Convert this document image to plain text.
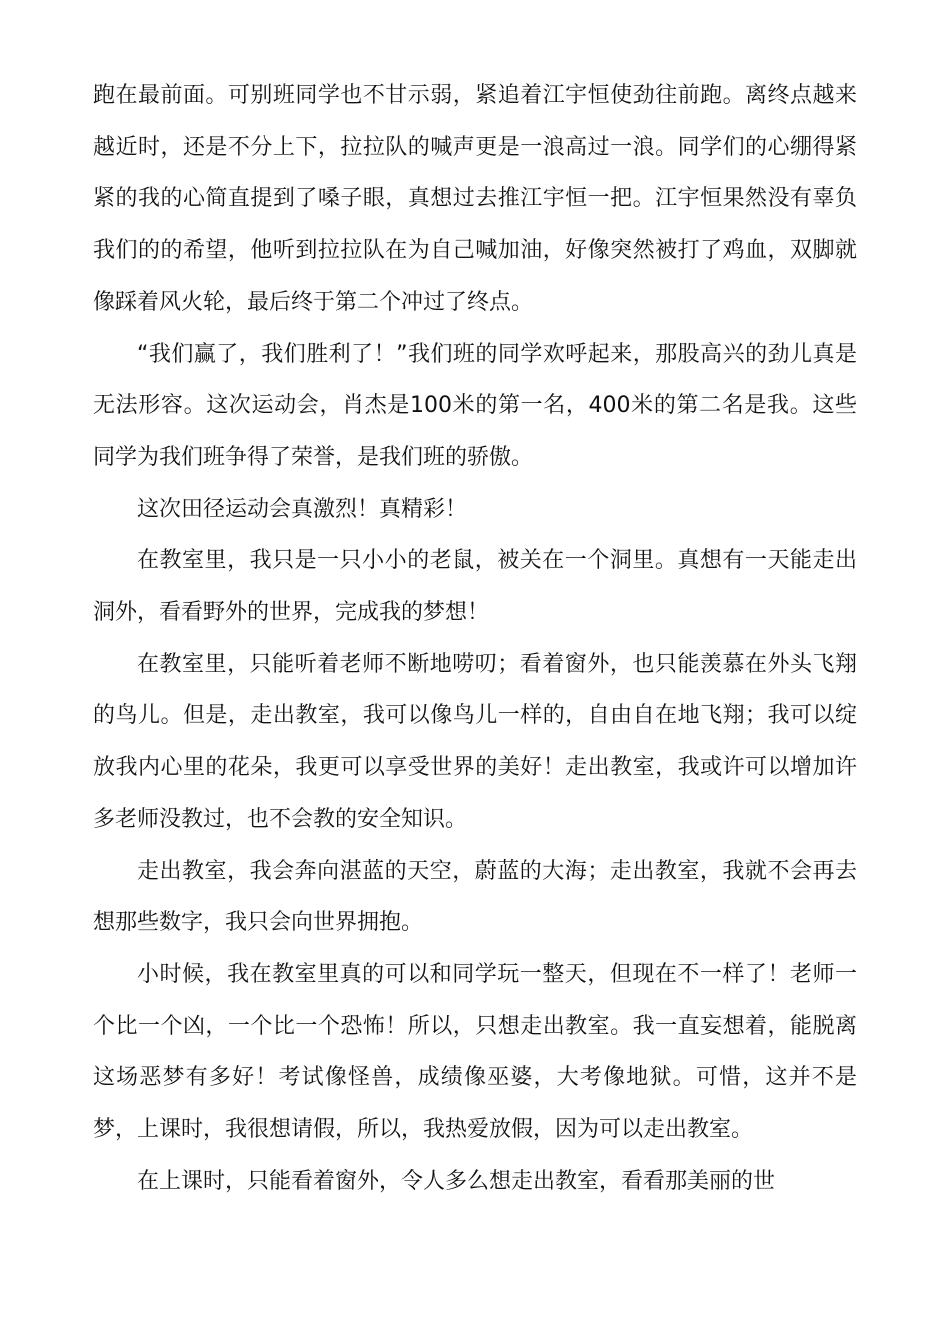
跑在最前面。可别班同学也不甘示弱，紧追着江宇恒使劲往前跑。离终点越来越近时，还是不分上下，拉拉队的喊声更是一浪高过一浪。同学们的心绷得紧紧的我的心简直提到了嗓子眼，真想过去推江宇恒一把。江宇恒果然没有辜负我们的的希望，他听到拉拉队在为自己喊加油，好像突然被打了鸡血，双脚就像踩着风火轮，最后终于第二个冲过了终点。

“我们赢了，我们胜利了！”我们班的同学欢呼起来，那股高兴的劲儿真是无法形容。这次运动会，肖杰是100米的第一名，400米的第二名是我。这些同学为我们班争得了荣誉，是我们班的骄傲。

这次田径运动会真激烈！真精彩！

在教室里，我只是一只小小的老鼠，被关在一个洞里。真想有一天能走出洞外，看看野外的世界，完成我的梦想！

在教室里，只能听着老师不断地唠叨；看着窗外，也只能羡慕在外头飞翔的鸟儿。但是，走出教室，我可以像鸟儿一样的，自由自在地飞翔；我可以绽放我内心里的花朵，我更可以享受世界的美好！走出教室，我或许可以增加许多老师没教过，也不会教的安全知识。

走出教室，我会奔向湛蓝的天空，蔚蓝的大海；走出教室，我就不会再去想那些数字，我只会向世界拥抱。

小时候，我在教室里真的可以和同学玩一整天，但现在不一样了！老师一个比一个凶，一个比一个恐怖！所以，只想走出教室。我一直妄想着，能脱离这场恶梦有多好！考试像怪兽，成绩像巫婆，大考像地狱。可惜，这并不是梦，上课时，我很想请假，所以，我热爱放假，因为可以走出教室。

在上课时，只能看着窗外，令人多么想走出教室，看看那美丽的世
